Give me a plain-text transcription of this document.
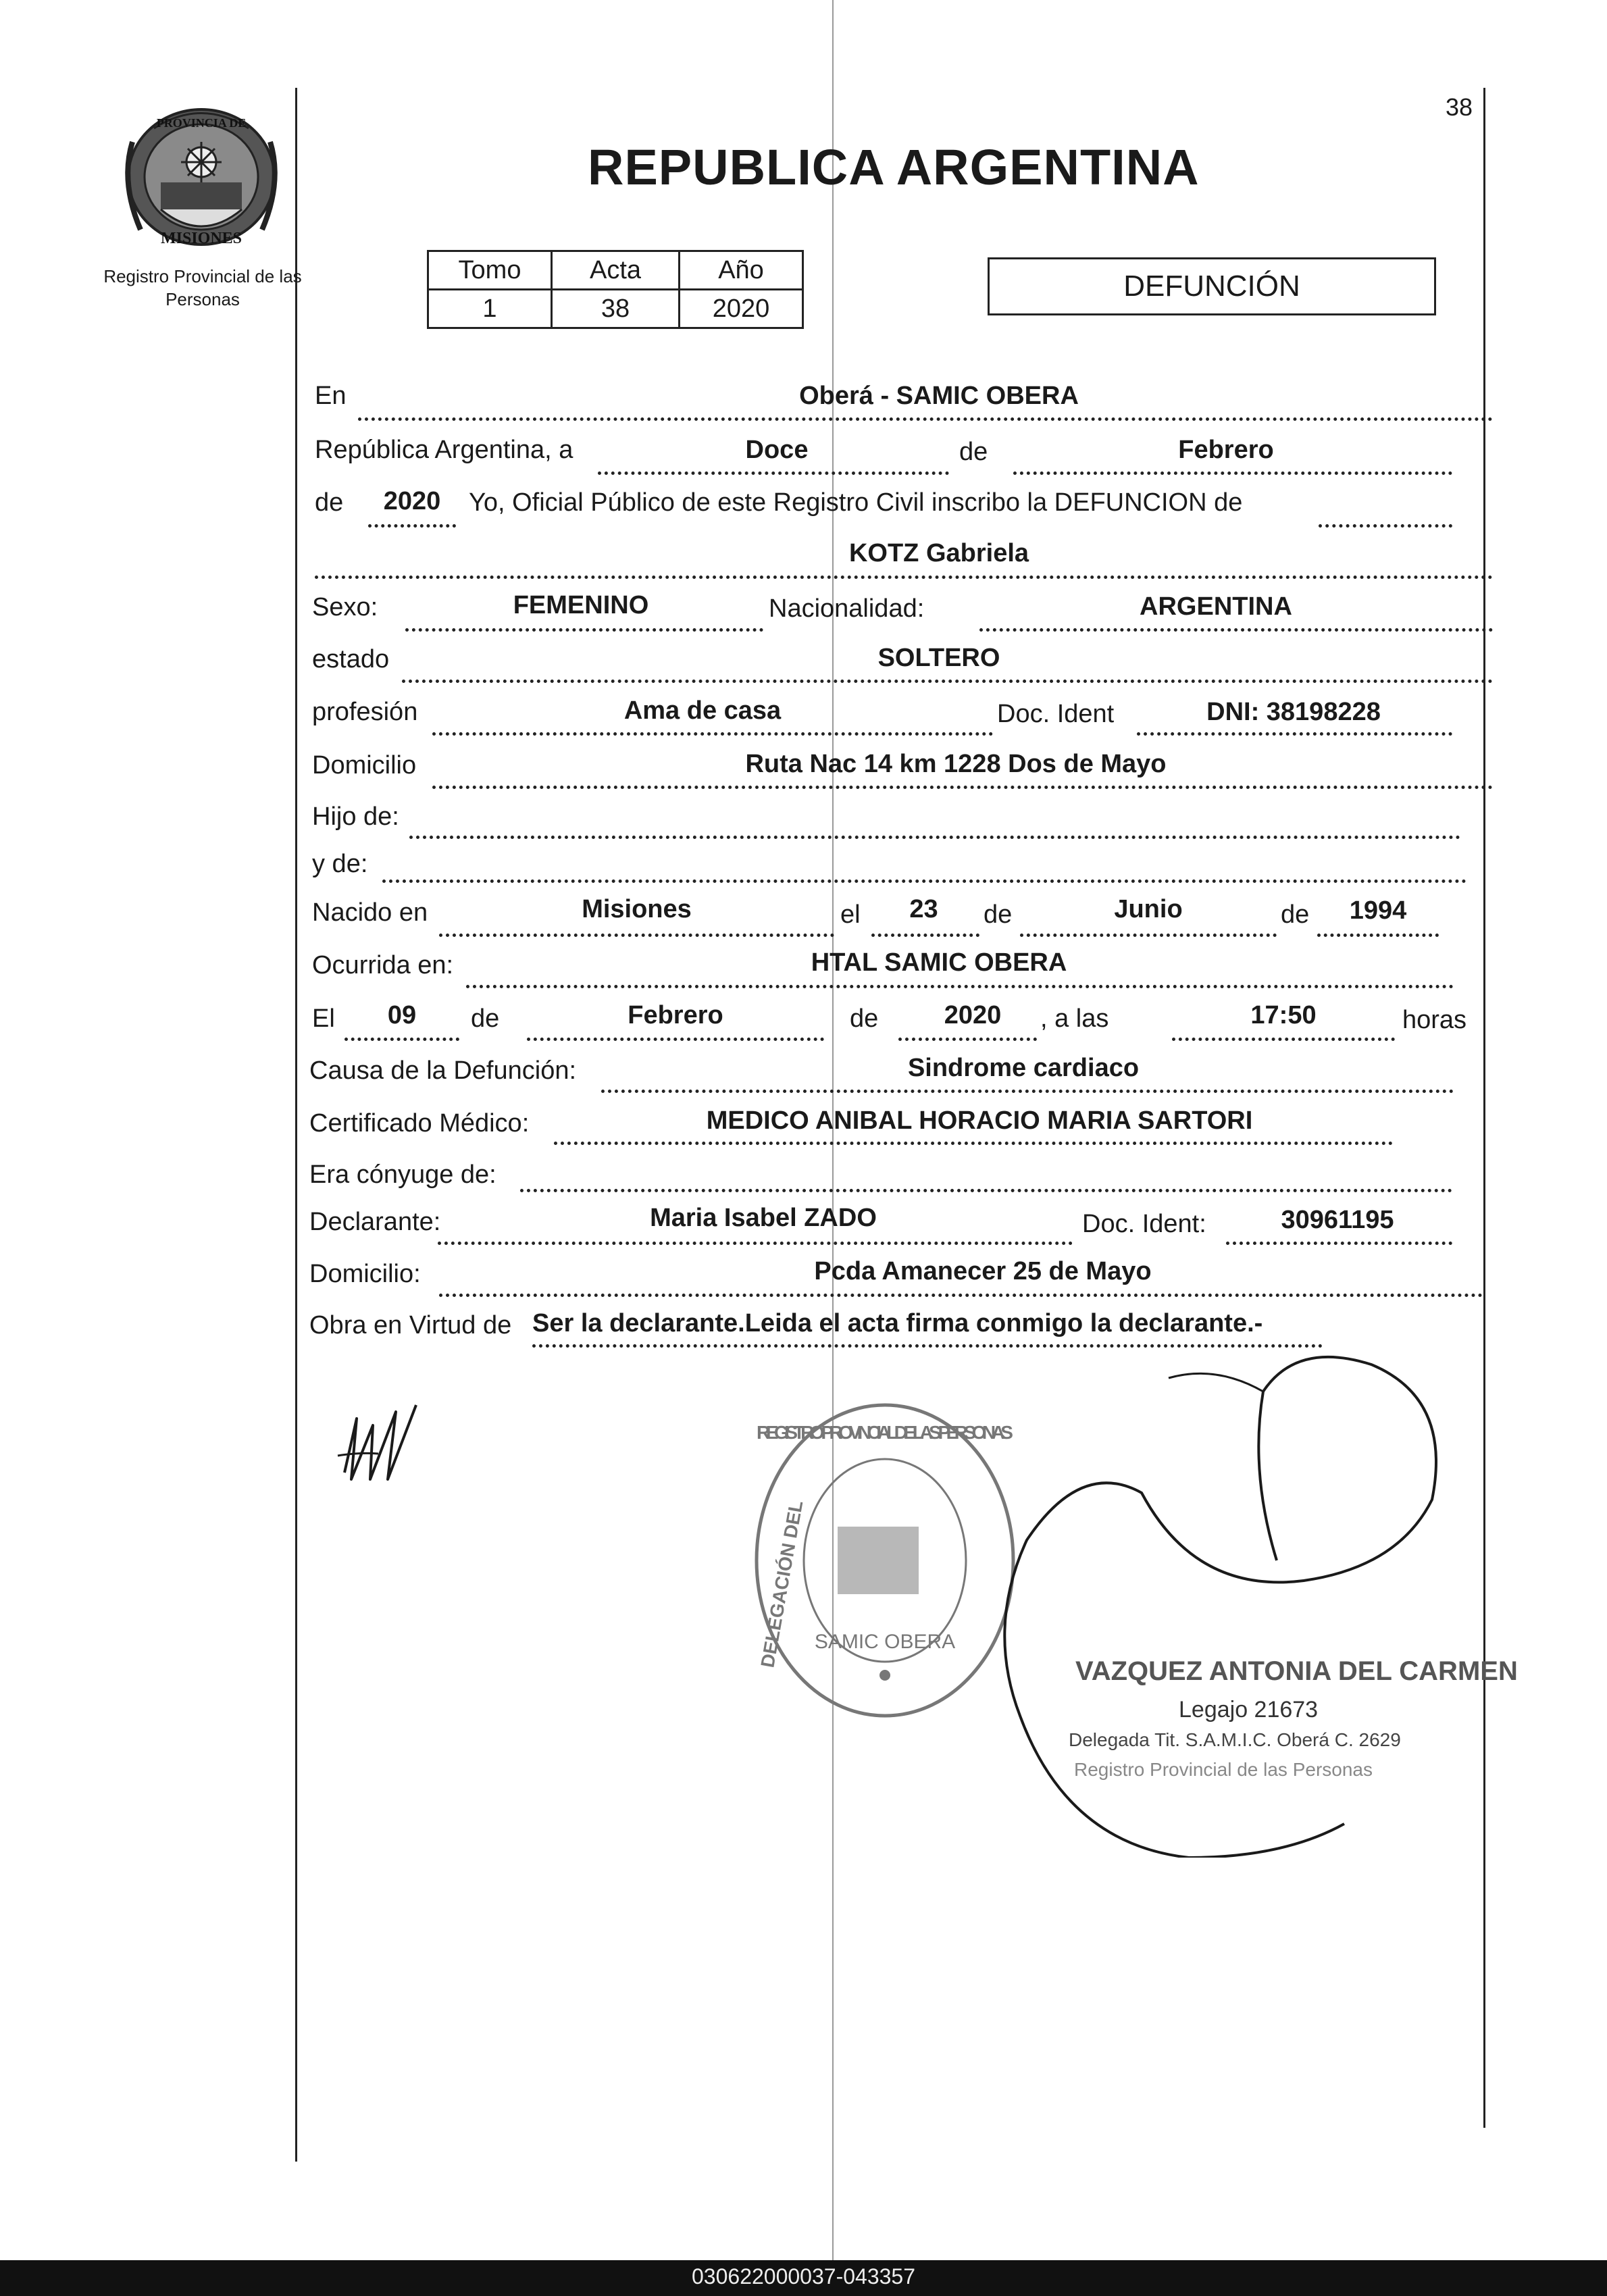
PROVINCIA DE
MISIONES
Registro Provincial de las Personas
38
REPUBLICA ARGENTINA
Tomo	Acta	Año
1	38	2020
DEFUNCIÓN
En	Oberá - SAMIC OBERA
República Argentina, a	Doce	de	Febrero
de	2020	Yo, Oficial Público de este Registro Civil inscribo la DEFUNCION de
KOTZ Gabriela
Sexo:	FEMENINO	Nacionalidad:	ARGENTINA
estado	SOLTERO
profesión	Ama de casa	Doc. Ident	DNI: 38198228
Domicilio	Ruta Nac 14 km 1228 Dos de Mayo
Hijo de:
y de:
Nacido en	Misiones	el	23	de	Junio	de	1994
Ocurrida en:	HTAL SAMIC OBERA
El	09	de	Febrero	de	2020	, a las	17:50	horas
Causa de la Defunción:	Sindrome cardiaco
Certificado Médico:	MEDICO ANIBAL HORACIO MARIA SARTORI
Era cónyuge de:
Declarante:	Maria Isabel ZADO	Doc. Ident:	30961195
Domicilio:	Pcda Amanecer 25 de Mayo
Obra en Virtud de Ser la declarante.Leida el acta firma conmigo la declarante.-
REGISTRO PROVINCIAL DE LAS PERSONAS
DELEGACIÓN DEL SAMIC OBERA
VAZQUEZ ANTONIA DEL CARMEN
Legajo 21673
Delegada Tit. S.A.M.I.C. Oberá C. 2629
Registro Provincial de las Personas
030622000037-043357
